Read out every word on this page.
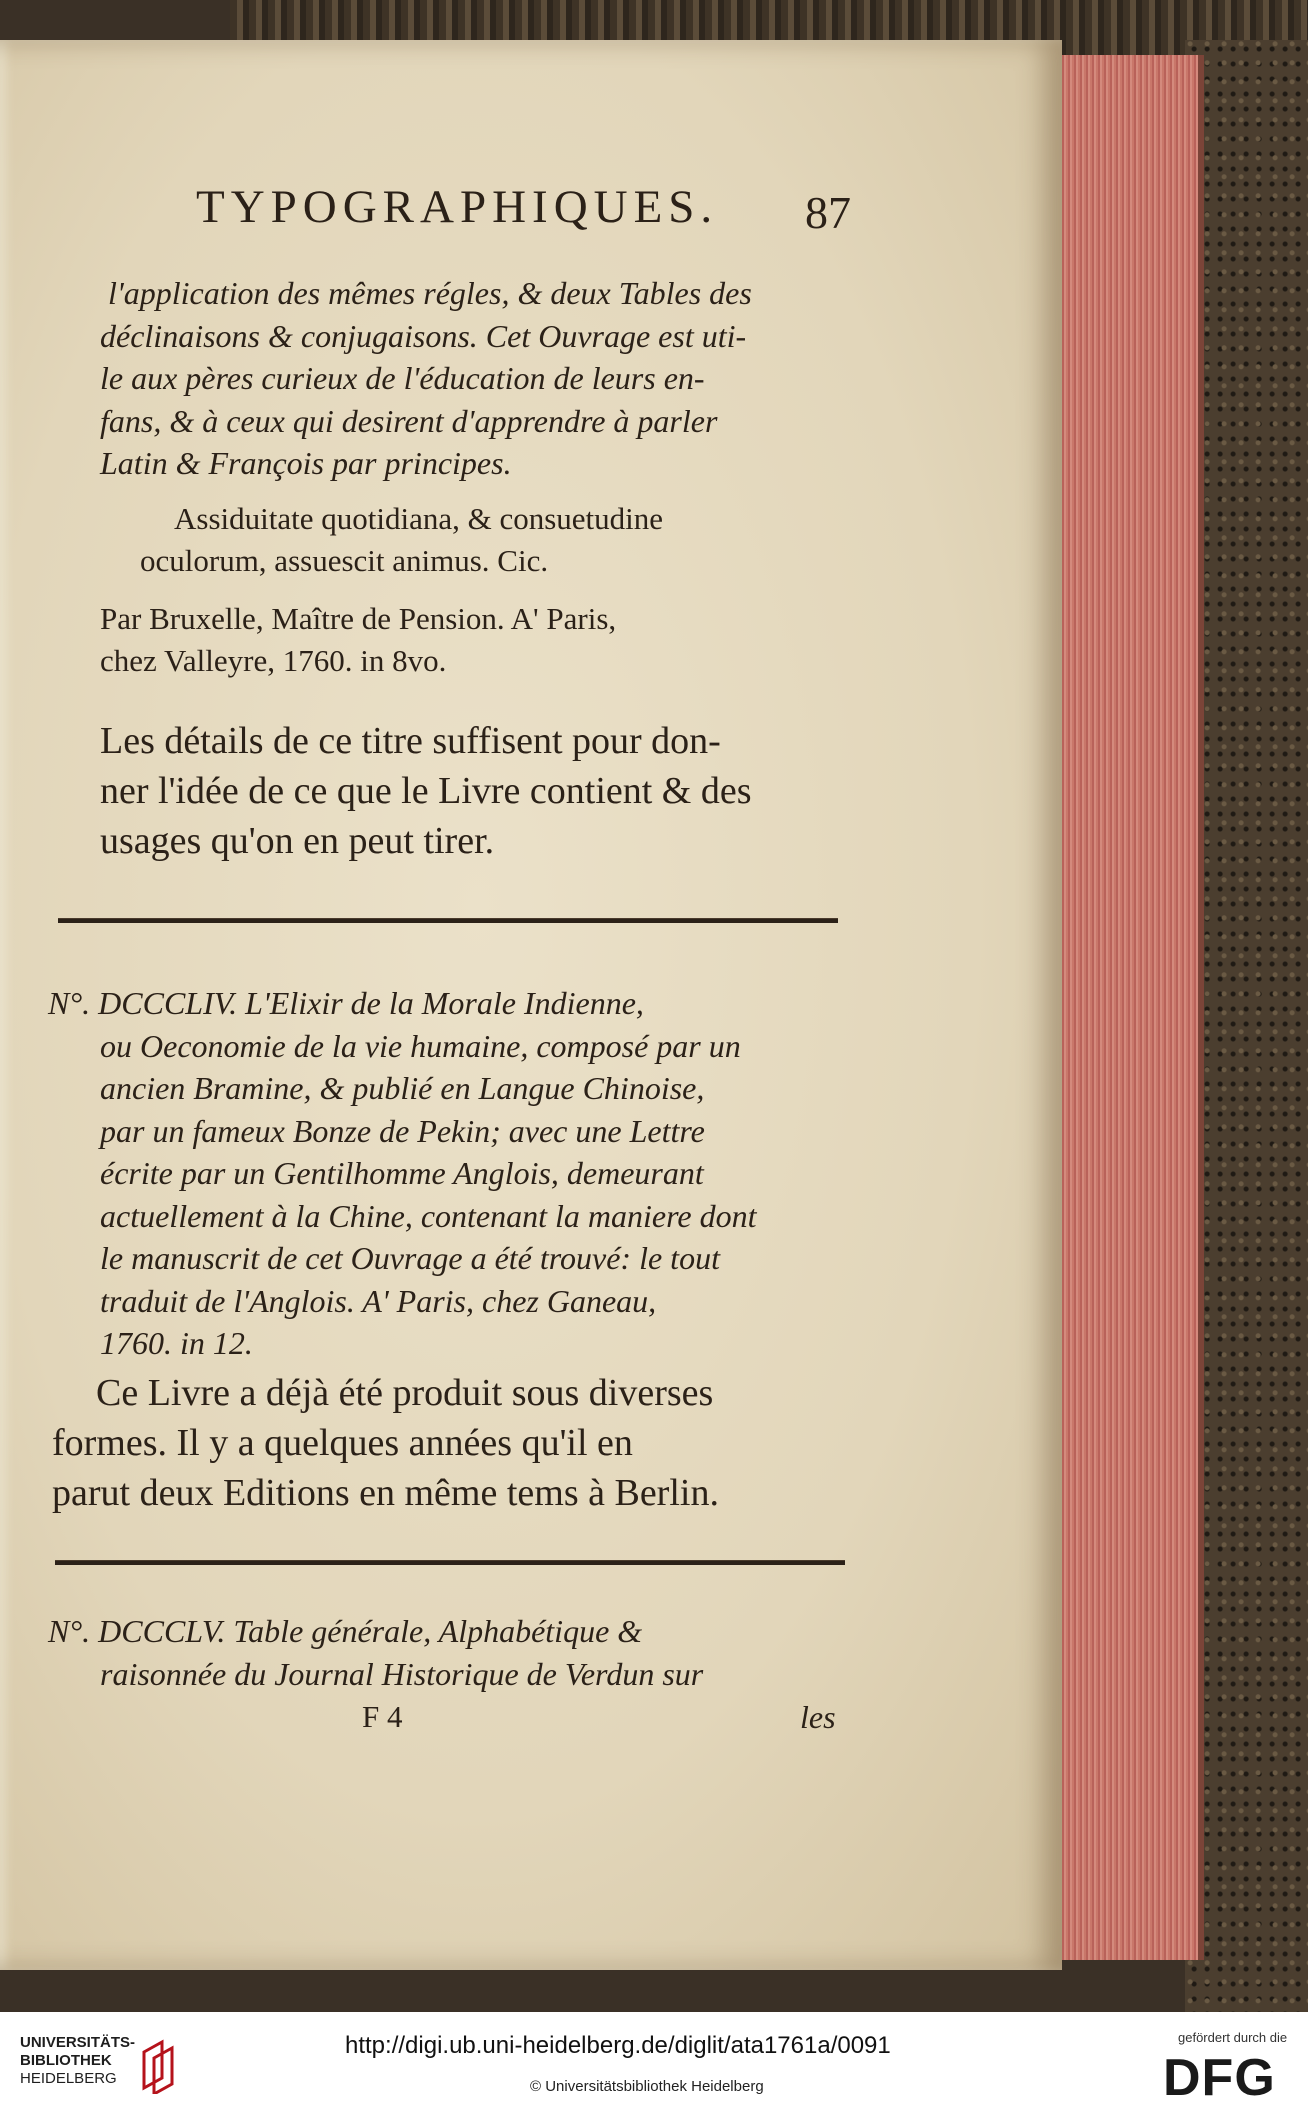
TYPOGRAPHIQUES. 87
l'application des mêmes régles, & deux Tables des
déclinaisons & conjugaisons. Cet Ouvrage est uti-
le aux pères curieux de l'éducation de leurs en-
fans, & à ceux qui desirent d'apprendre à parler
Latin & François par principes.
Assiduitate quotidiana, & consuetudine
oculorum, assuescit animus. Cic.
Par Bruxelle, Maître de Pension. A' Paris,
chez Valleyre, 1760. in 8vo.
Les détails de ce titre suffisent pour don-
ner l'idée de ce que le Livre contient & des
usages qu'on en peut tirer.
N°. DCCCLIV. L'Elixir de la Morale Indienne,
ou Oeconomie de la vie humaine, composé par un
ancien Bramine, & publié en Langue Chinoise,
par un fameux Bonze de Pekin; avec une Lettre
écrite par un Gentilhomme Anglois, demeurant
actuellement à la Chine, contenant la maniere dont
le manuscrit de cet Ouvrage a été trouvé: le tout
traduit de l'Anglois. A' Paris, chez Ganeau,
1760. in 12.
Ce Livre a déjà été produit sous diverses
formes. Il y a quelques années qu'il en
parut deux Editions en même tems à Berlin.
N°. DCCCLV. Table générale, Alphabétique &
raisonnée du Journal Historique de Verdun sur
F 4	les
UNIVERSITÄTS-
BIBLIOTHEK
HEIDELBERG
http://digi.ub.uni-heidelberg.de/diglit/ata1761a/0091
© Universitätsbibliothek Heidelberg
gefördert durch die
DFG
